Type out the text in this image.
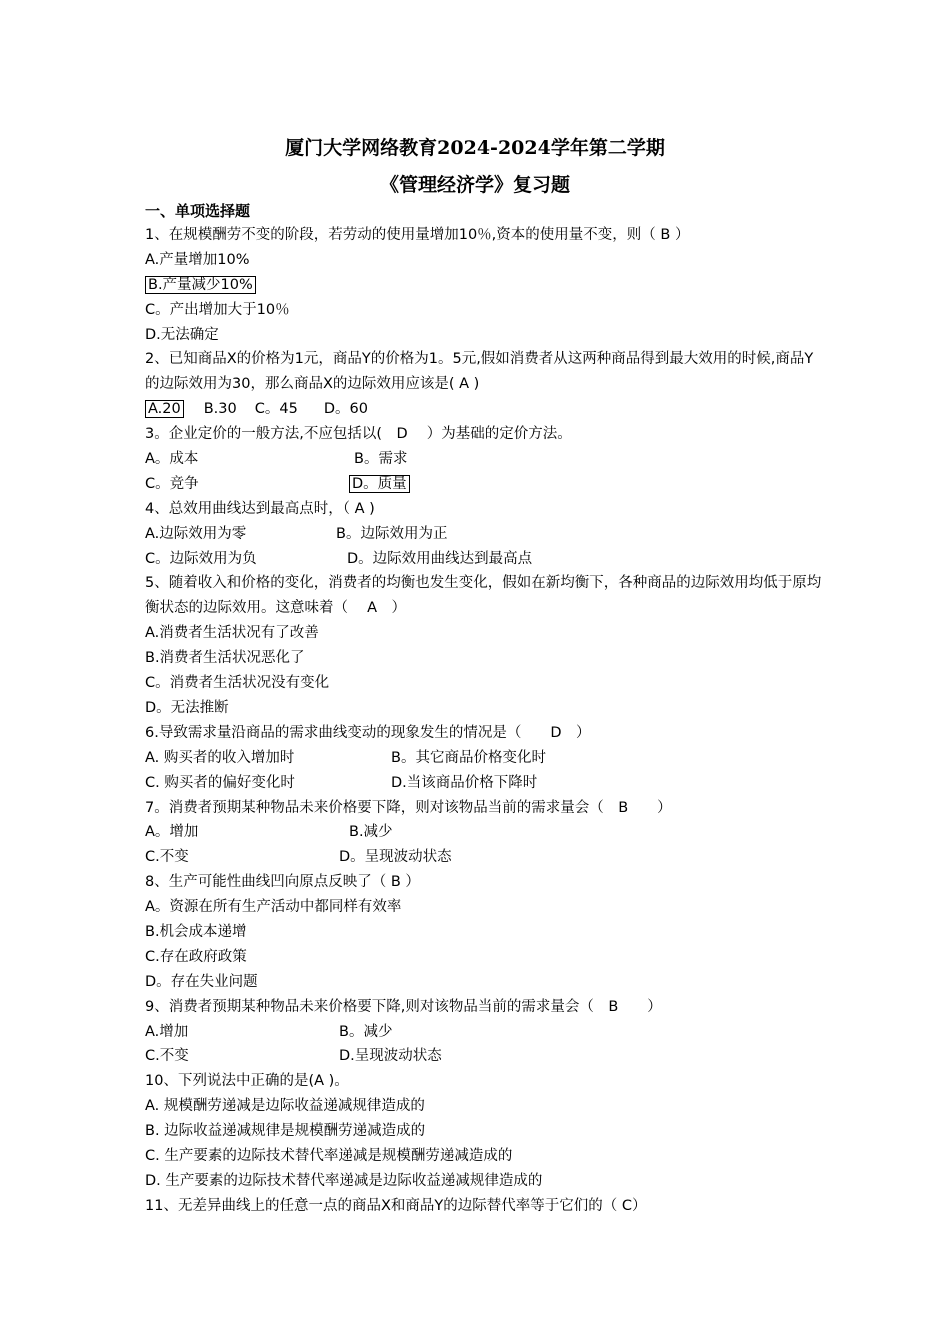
厦门大学网络教育2024-2024学年第二学期
《管理经济学》复习题
一、单项选择题
1、在规模酬劳不变的阶段，若劳动的使用量增加10％,资本的使用量不变，则（ B ）
A.产量增加10%
B.产量减少10%
C。产出增加大于10％
D.无法确定
2、已知商品X的价格为1元，商品Y的价格为1。5元,假如消费者从这两种商品得到最大效用的时候,商品Y的边际效用为30，那么商品X的边际效用应该是( A )
A.20 B.30 C。45 D。60
3。企业定价的一般方法,不应包括以(　D　 ）为基础的定价方法。
A。成本	B。需求
C。竞争	D。质量
4、总效用曲线达到最高点时，（ A )
A.边际效用为零	B。边际效用为正
C。边际效用为负	D。边际效用曲线达到最高点
5、随着收入和价格的变化，消费者的均衡也发生变化，假如在新均衡下，各种商品的边际效用均低于原均衡状态的边际效用。这意味着（　 A　）
A.消费者生活状况有了改善
B.消费者生活状况恶化了
C。消费者生活状况没有变化
D。无法推断
6.导致需求量沿商品的需求曲线变动的现象发生的情况是（　　D　）
A. 购买者的收入增加时	B。其它商品价格变化时
C. 购买者的偏好变化时	D.当该商品价格下降时
7。消费者预期某种物品未来价格要下降，则对该物品当前的需求量会（　B　　）
A。增加	B.减少
C.不变	D。呈现波动状态
8、生产可能性曲线凹向原点反映了（ B ）
A。资源在所有生产活动中都同样有效率
B.机会成本递增
C.存在政府政策
D。存在失业问题
9、消费者预期某种物品未来价格要下降,则对该物品当前的需求量会（　B　　）
A.增加	B。减少
C.不变	D.呈现波动状态
10、下列说法中正确的是(A )。
A. 规模酬劳递减是边际收益递减规律造成的
B. 边际收益递减规律是规模酬劳递减造成的
C. 生产要素的边际技术替代率递减是规模酬劳递减造成的
D. 生产要素的边际技术替代率递减是边际收益递减规律造成的
11、无差异曲线上的任意一点的商品X和商品Y的边际替代率等于它们的（ C）
